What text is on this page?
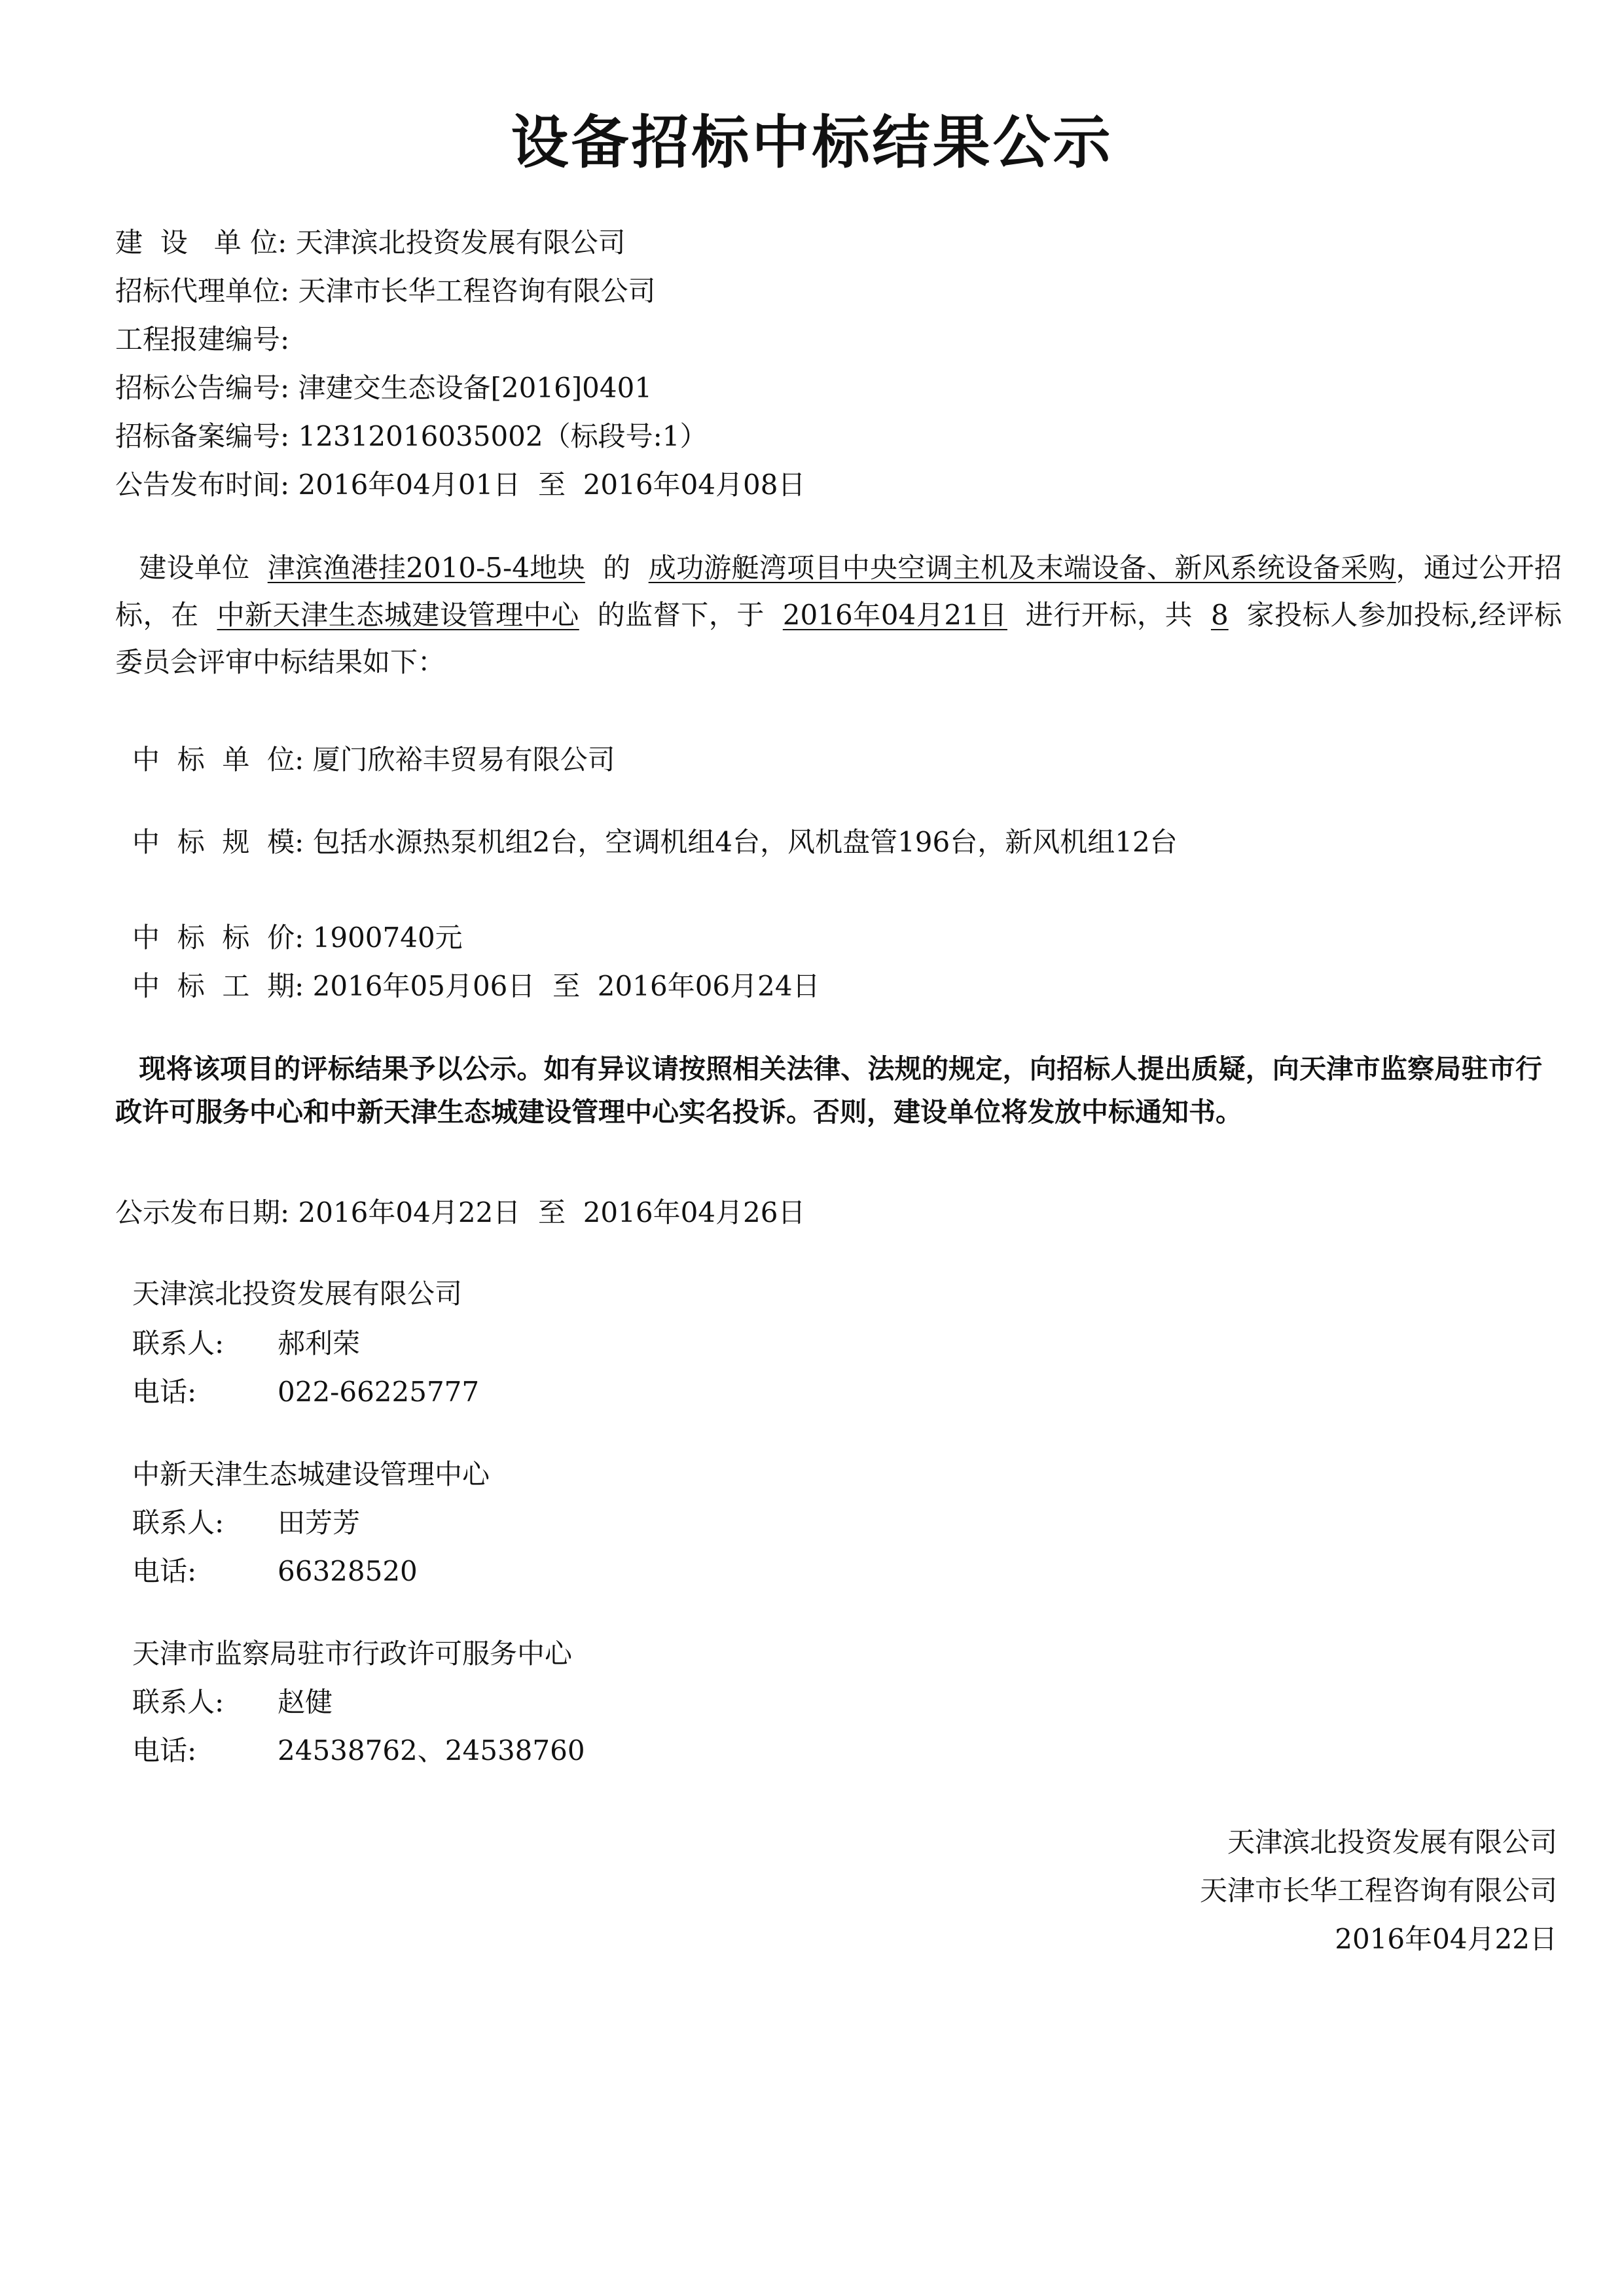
设备招标中标结果公示
建  设   单 位: 天津滨北投资发展有限公司
招标代理单位: 天津市长华工程咨询有限公司
工程报建编号:
招标公告编号: 津建交生态设备[2016]0401
招标备案编号: 12312016035002（标段号:1）
公告发布时间: 2016年04月01日  至  2016年04月08日
建设单位 津滨渔港挂2010-5-4地块 的 成功游艇湾项目中央空调主机及末端设备、新风系统设备采购，通过公开招标，在 中新天津生态城建设管理中心 的监督下，于 2016年04月21日 进行开标，共 8 家投标人参加投标,经评标委员会评审中标结果如下：
中  标  单  位: 厦门欣裕丰贸易有限公司
中  标  规  模: 包括水源热泵机组2台，空调机组4台，风机盘管196台，新风机组12台
中  标  标  价: 1900740元
中  标  工  期: 2016年05月06日  至  2016年06月24日
现将该项目的评标结果予以公示。如有异议请按照相关法律、法规的规定，向招标人提出质疑，向天津市监察局驻市行政许可服务中心和中新天津生态城建设管理中心实名投诉。否则，建设单位将发放中标通知书。
公示发布日期: 2016年04月22日  至  2016年04月26日
天津滨北投资发展有限公司
联系人: 郝利荣
电话:	022-66225777
中新天津生态城建设管理中心
联系人: 田芳芳
电话:	66328520
天津市监察局驻市行政许可服务中心
联系人: 赵健
电话:	24538762、24538760
天津滨北投资发展有限公司
天津市长华工程咨询有限公司
2016年04月22日
